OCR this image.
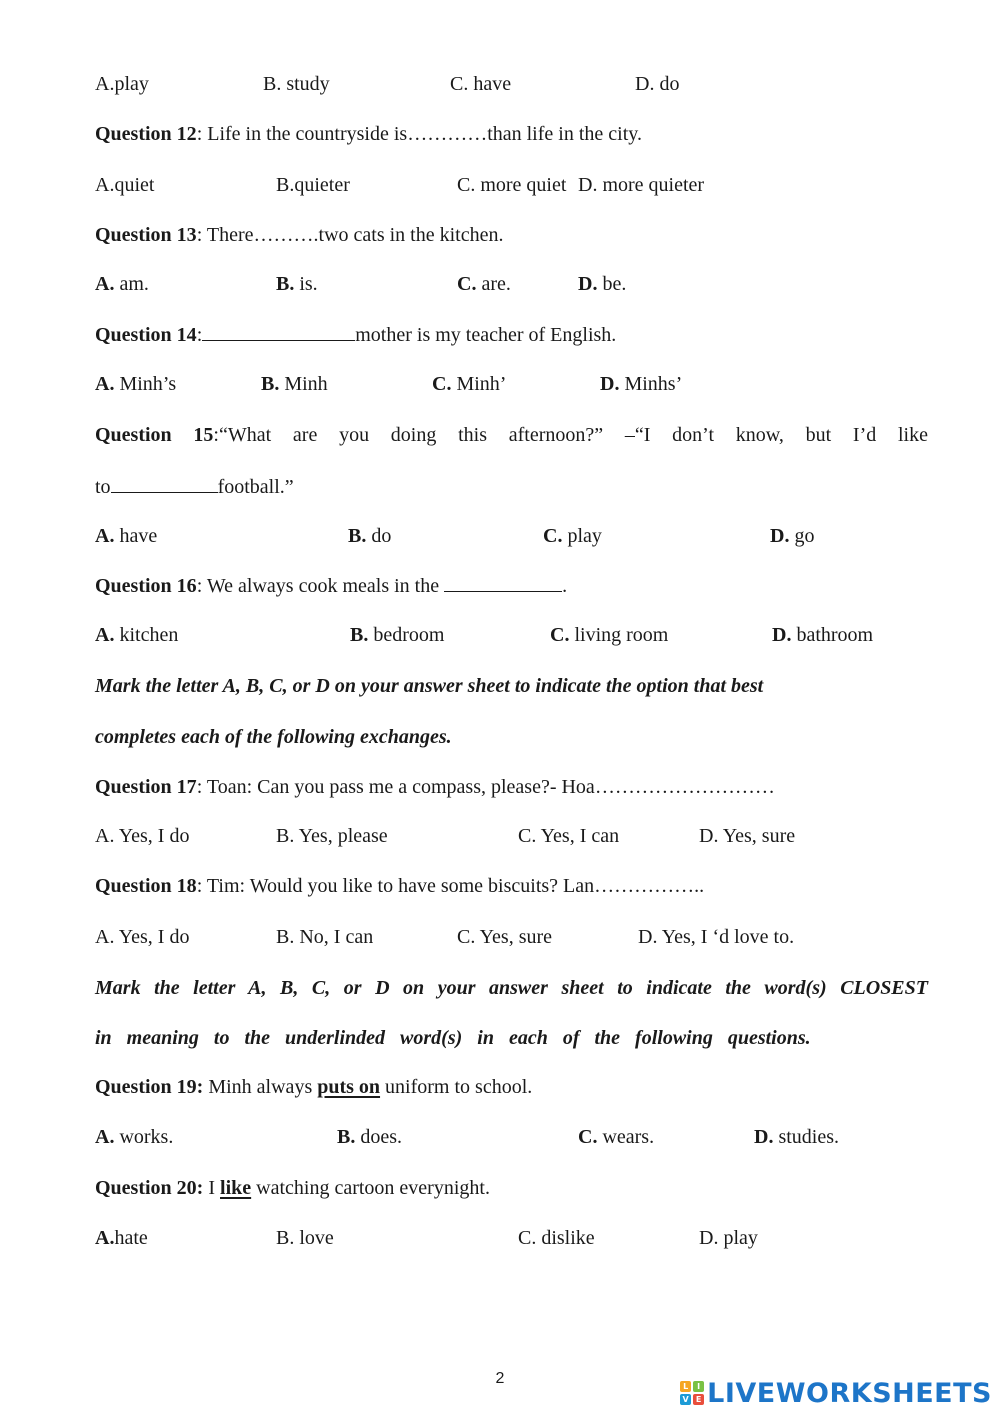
A.play	B. study	C. have	D. do
Question 12: Life in the countryside is…………than life in the city.
A.quiet	B.quieter	C. more quiet D. more quieter
Question 13: There……….two cats in the kitchen.
A. am.	B. is.	C. are.	D. be.
Question 14:	mother is my teacher of English.
A. Minh’s	B. Minh	C. Minh’	D. Minhs’
Question 15:“What are you doing this afternoon?” –“I don’t know, but I’d like
to	football.”
A. have	B. do	C. play	D. go
Question 16: We always cook meals in the	.
A. kitchen	B. bedroom	C. living room	D. bathroom
Mark the letter A, B, C, or D on your answer sheet to indicate the option that best
completes each of the following exchanges.
Question 17: Toan: Can you pass me a compass, please?- Hoa………………………
A. Yes, I do	B. Yes, please	C. Yes, I can	D. Yes, sure
Question 18: Tim: Would you like to have some biscuits? Lan……………..
A. Yes, I do	B. No, I can	C. Yes, sure	D. Yes, I ‘d love to.
Mark the letter A, B, C, or D on your answer sheet to indicate the word(s) CLOSEST
in meaning to the underlinded word(s) in each of the following questions.
Question 19: Minh always puts on uniform to school.
A. works.	B. does.	C. wears.	D. studies.
Question 20: I like watching cartoon everynight.
A.hate	B. love	C. dislike	D. play
2	L	I
V E LIVEWORKSHEETS
